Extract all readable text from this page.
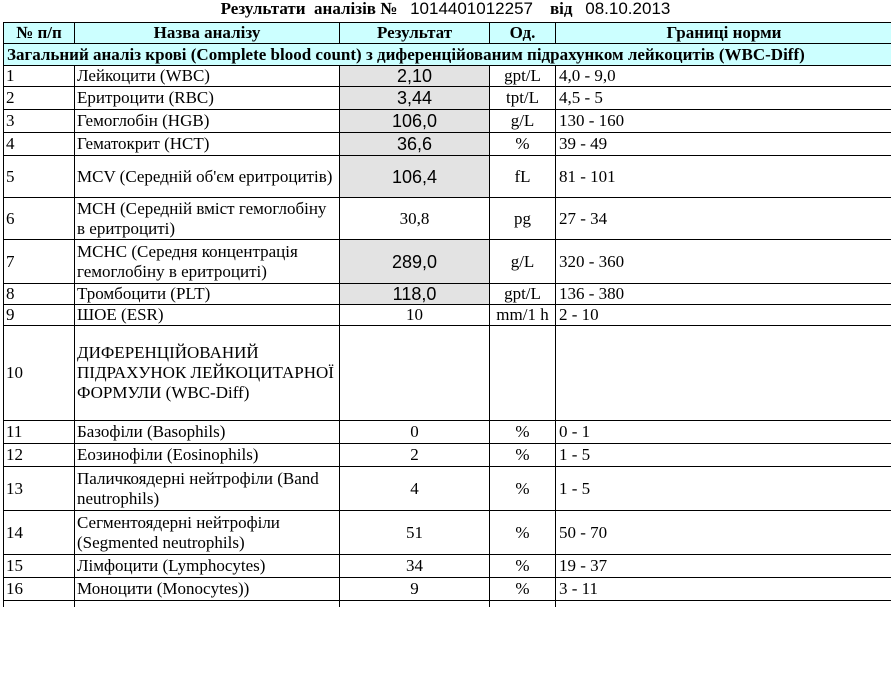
Результати  аналізів № 1014401012257 від 08.10.2013
№ п/п	Назва аналізу	Результат	Од.	Границі норми
Загальний аналіз крові (Complete blood count) з диференційованим підрахунком лейкоцитів (WBC-Diff)				
1	Лейкоцити (WBC)	2,10	gpt/L	4,0 - 9,0
2	Еритроцити (RBC)	3,44	tpt/L	4,5 - 5
3	Гемоглобін (HGB)	106,0	g/L	130 - 160
4	Гематокрит (HCT)	36,6	%	39 - 49
5	MCV (Середній об'єм еритроцитів)	106,4	fL	81 - 101
6	MCH (Середній вміст гемоглобіну в еритроциті)	30,8	pg	27 - 34
7	MCHC (Середня концентрація гемоглобіну в еритроциті)	289,0	g/L	320 - 360
8	Тромбоцити (PLT)	118,0	gpt/L	136 - 380
9	ШОЕ (ESR)	10	mm/1 h	2 - 10
10	ДИФЕРЕНЦІЙОВАНИЙ ПІДРАХУНОК ЛЕЙКОЦИТАРНОЇ ФОРМУЛИ (WBC-Diff)			
11	Базофіли (Basophils)	0	%	0 - 1
12	Еозинофіли (Eosinophils)	2	%	1 - 5
13	Паличкоядерні нейтрофіли (Band neutrophils)	4	%	1 - 5
14	Сегментоядерні нейтрофіли (Segmented neutrophils)	51	%	50 - 70
15	Лімфоцити (Lymphocytes)	34	%	19 - 37
16	Моноцити (Monocytes))	9	%	3 - 11
